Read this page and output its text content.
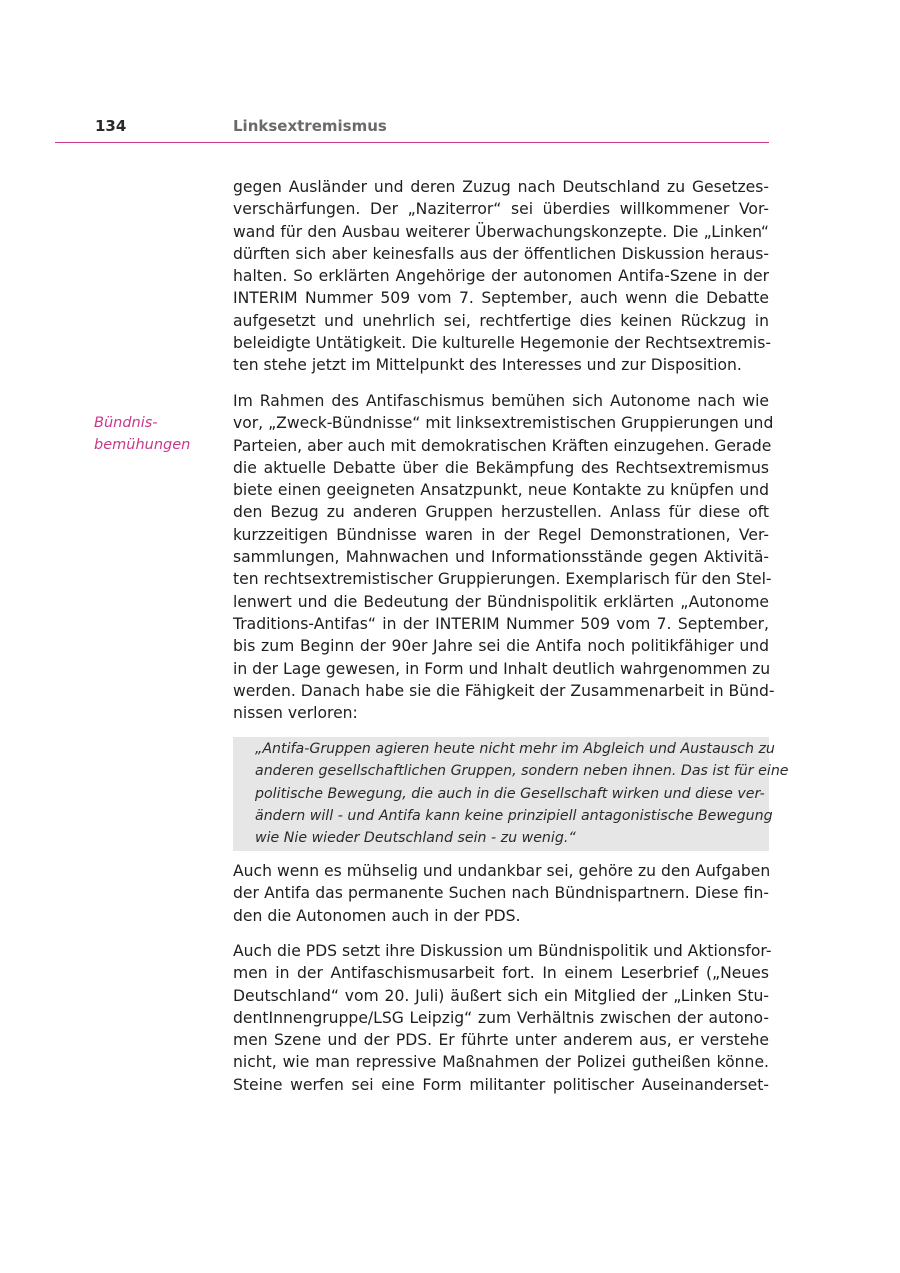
134	Linksextremismus
Bündnis-
bemühungen
gegen Ausländer und deren Zuzug nach Deutschland zu Gesetzes-
verschärfungen. Der „Naziterror“ sei überdies willkommener Vor-
wand für den Ausbau weiterer Überwachungskonzepte. Die „Linken“
dürften sich aber keinesfalls aus der öffentlichen Diskussion heraus-
halten. So erklärten Angehörige der autonomen Antifa-Szene in der
INTERIM Nummer 509 vom 7. September, auch wenn die Debatte
aufgesetzt und unehrlich sei, rechtfertige dies keinen Rückzug in
beleidigte Untätigkeit. Die kulturelle Hegemonie der Rechtsextremis-
ten stehe jetzt im Mittelpunkt des Interesses und zur Disposition.
Im Rahmen des Antifaschismus bemühen sich Autonome nach wie
vor, „Zweck-Bündnisse“ mit linksextremistischen Gruppierungen und
Parteien, aber auch mit demokratischen Kräften einzugehen. Gerade
die aktuelle Debatte über die Bekämpfung des Rechtsextremismus
biete einen geeigneten Ansatzpunkt, neue Kontakte zu knüpfen und
den Bezug zu anderen Gruppen herzustellen. Anlass für diese oft
kurzzeitigen Bündnisse waren in der Regel Demonstrationen, Ver-
sammlungen, Mahnwachen und Informationsstände gegen Aktivitä-
ten rechtsextremistischer Gruppierungen. Exemplarisch für den Stel-
lenwert und die Bedeutung der Bündnispolitik erklärten „Autonome
Traditions-Antifas“ in der INTERIM Nummer 509 vom 7. September,
bis zum Beginn der 90er Jahre sei die Antifa noch politikfähiger und
in der Lage gewesen, in Form und Inhalt deutlich wahrgenommen zu
werden. Danach habe sie die Fähigkeit der Zusammenarbeit in Bünd-
nissen verloren:
„Antifa-Gruppen agieren heute nicht mehr im Abgleich und Austausch zu
anderen gesellschaftlichen Gruppen, sondern neben ihnen. Das ist für eine
politische Bewegung, die auch in die Gesellschaft wirken und diese ver-
ändern will - und Antifa kann keine prinzipiell antagonistische Bewegung
wie Nie wieder Deutschland sein - zu wenig.“
Auch wenn es mühselig und undankbar sei, gehöre zu den Aufgaben
der Antifa das permanente Suchen nach Bündnispartnern. Diese fin-
den die Autonomen auch in der PDS.
Auch die PDS setzt ihre Diskussion um Bündnispolitik und Aktionsfor-
men in der Antifaschismusarbeit fort. In einem Leserbrief („Neues
Deutschland“ vom 20. Juli) äußert sich ein Mitglied der „Linken Stu-
dentInnengruppe/LSG Leipzig“ zum Verhältnis zwischen der autono-
men Szene und der PDS. Er führte unter anderem aus, er verstehe
nicht, wie man repressive Maßnahmen der Polizei gutheißen könne.
Steine werfen sei eine Form militanter politischer Auseinanderset-
